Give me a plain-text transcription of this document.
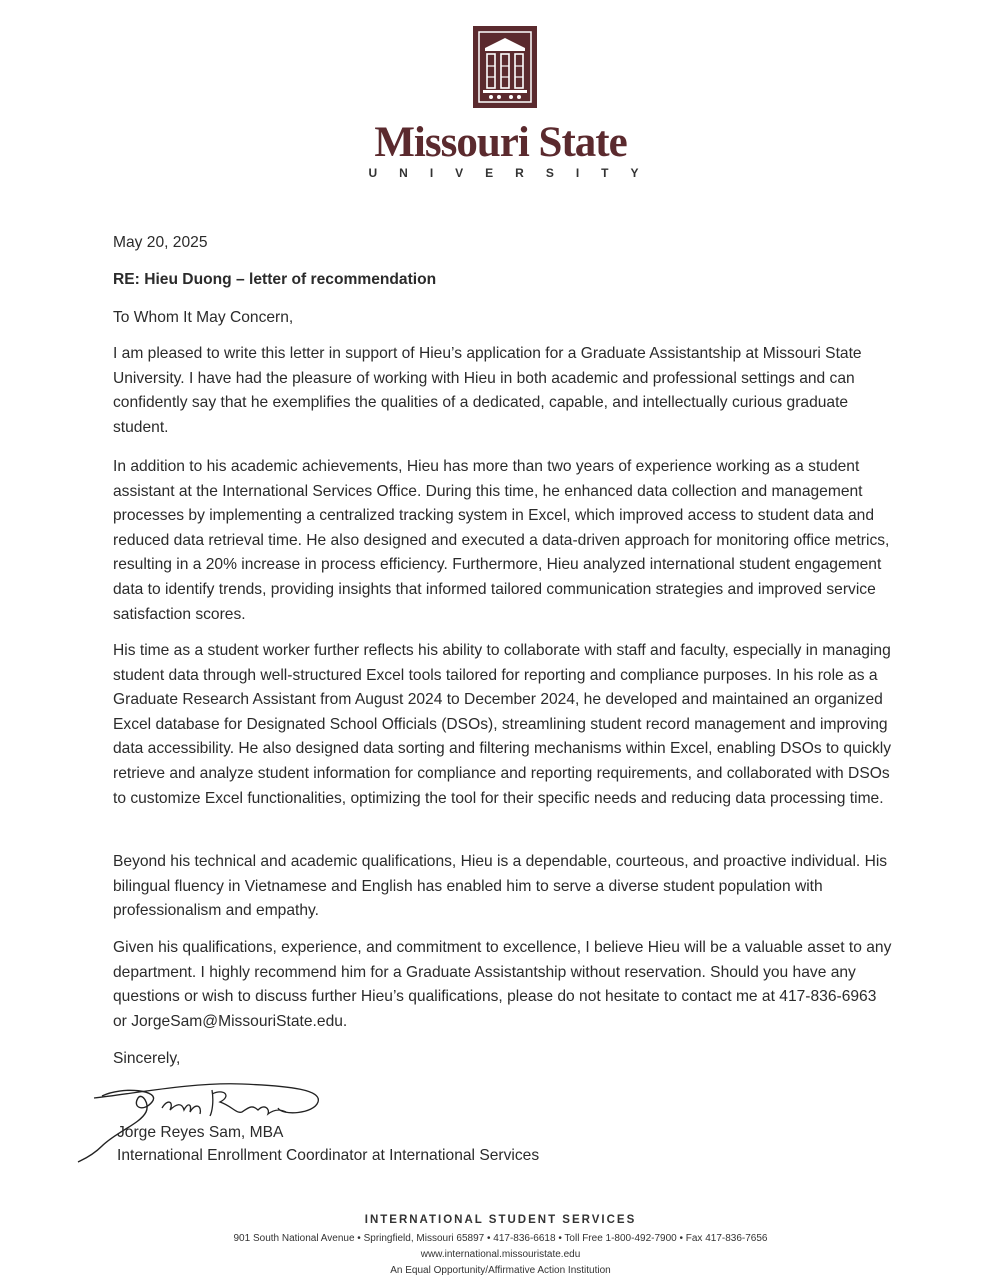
Missouri State
UNIVERSITY
May 20, 2025
RE: Hieu Duong – letter of recommendation
To Whom It May Concern,
I am pleased to write this letter in support of Hieu’s application for a Graduate Assistantship at Missouri State University. I have had the pleasure of working with Hieu in both academic and professional settings and can confidently say that he exemplifies the qualities of a dedicated, capable, and intellectually curious graduate student.
In addition to his academic achievements, Hieu has more than two years of experience working as a student assistant at the International Services Office. During this time, he enhanced data collection and management processes by implementing a centralized tracking system in Excel, which improved access to student data and reduced data retrieval time. He also designed and executed a data-driven approach for monitoring office metrics, resulting in a 20% increase in process efficiency. Furthermore, Hieu analyzed international student engagement data to identify trends, providing insights that informed tailored communication strategies and improved service satisfaction scores.
His time as a student worker further reflects his ability to collaborate with staff and faculty, especially in managing student data through well-structured Excel tools tailored for reporting and compliance purposes. In his role as a Graduate Research Assistant from August 2024 to December 2024, he developed and maintained an organized Excel database for Designated School Officials (DSOs), streamlining student record management and improving data accessibility. He also designed data sorting and filtering mechanisms within Excel, enabling DSOs to quickly retrieve and analyze student information for compliance and reporting requirements, and collaborated with DSOs to customize Excel functionalities, optimizing the tool for their specific needs and reducing data processing time.
Beyond his technical and academic qualifications, Hieu is a dependable, courteous, and proactive individual. His bilingual fluency in Vietnamese and English has enabled him to serve a diverse student population with professionalism and empathy.
Given his qualifications, experience, and commitment to excellence, I believe Hieu will be a valuable asset to any department. I highly recommend him for a Graduate Assistantship without reservation. Should you have any questions or wish to discuss further Hieu’s qualifications, please do not hesitate to contact me at 417-836-6963 or JorgeSam@MissouriState.edu.
Sincerely,
Jorge Reyes Sam, MBA
International Enrollment Coordinator at International Services
INTERNATIONAL STUDENT SERVICES
901 South National Avenue • Springfield, Missouri 65897 • 417-836-6618 • Toll Free 1-800-492-7900 • Fax 417-836-7656
www.international.missouristate.edu
An Equal Opportunity/Affirmative Action Institution
